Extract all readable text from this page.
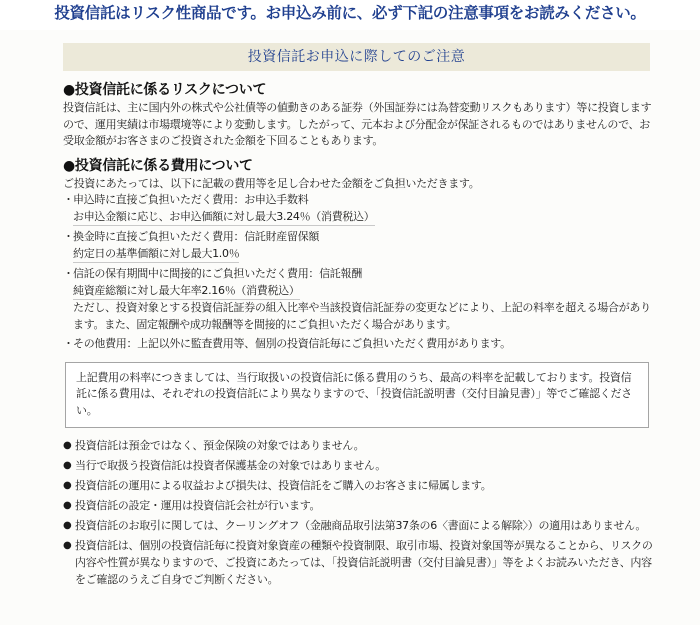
投資信託はリスク性商品です。お申込み前に、必ず下記の注意事項をお読みください。
投資信託お申込に際してのご注意
●投資信託に係るリスクについて
投資信託は、主に国内外の株式や公社債等の値動きのある証券（外国証券には為替変動リスクもあります）等に投資しますので、運用実績は市場環境等により変動します。したがって、元本および分配金が保証されるものではありませんので、お受取金額がお客さまのご投資された金額を下回ることもあります。
●投資信託に係る費用について
ご投資にあたっては、以下に記載の費用等を足し合わせた金額をご負担いただきます。
・ 申込時に直接ご負担いただく費用：お申込手数料
お申込金額に応じ、お申込価額に対し最大3.24％（消費税込）
・ 換金時に直接ご負担いただく費用：信託財産留保額
約定日の基準価額に対し最大1.0％
・ 信託の保有期間中に間接的にご負担いただく費用：信託報酬
純資産総額に対し最大年率2.16％（消費税込）
ただし、投資対象とする投資信託証券の組入比率や当該投資信託証券の変更などにより、上記の料率を超える場合があります。また、固定報酬や成功報酬等を間接的にご負担いただく場合があります。
・ その他費用：上記以外に監査費用等、個別の投資信託毎にご負担いただく費用があります。
上記費用の料率につきましては、当行取扱いの投資信託に係る費用のうち、最高の料率を記載しております。投資信託に係る費用は、それぞれの投資信託により異なりますので、「投資信託説明書（交付目論見書）」等でご確認ください。
● 投資信託は預金ではなく、預金保険の対象ではありません。
● 当行で取扱う投資信託は投資者保護基金の対象ではありません。
● 投資信託の運用による収益および損失は、投資信託をご購入のお客さまに帰属します。
● 投資信託の設定・運用は投資信託会社が行います。
● 投資信託のお取引に関しては、クーリングオフ（金融商品取引法第37条の6〈書面による解除〉）の適用はありません。
● 投資信託は、個別の投資信託毎に投資対象資産の種類や投資制限、取引市場、投資対象国等が異なることから、リスクの内容や性質が異なりますので、ご投資にあたっては、「投資信託説明書（交付目論見書）」等をよくお読みいただき、内容をご確認のうえご自身でご判断ください。
